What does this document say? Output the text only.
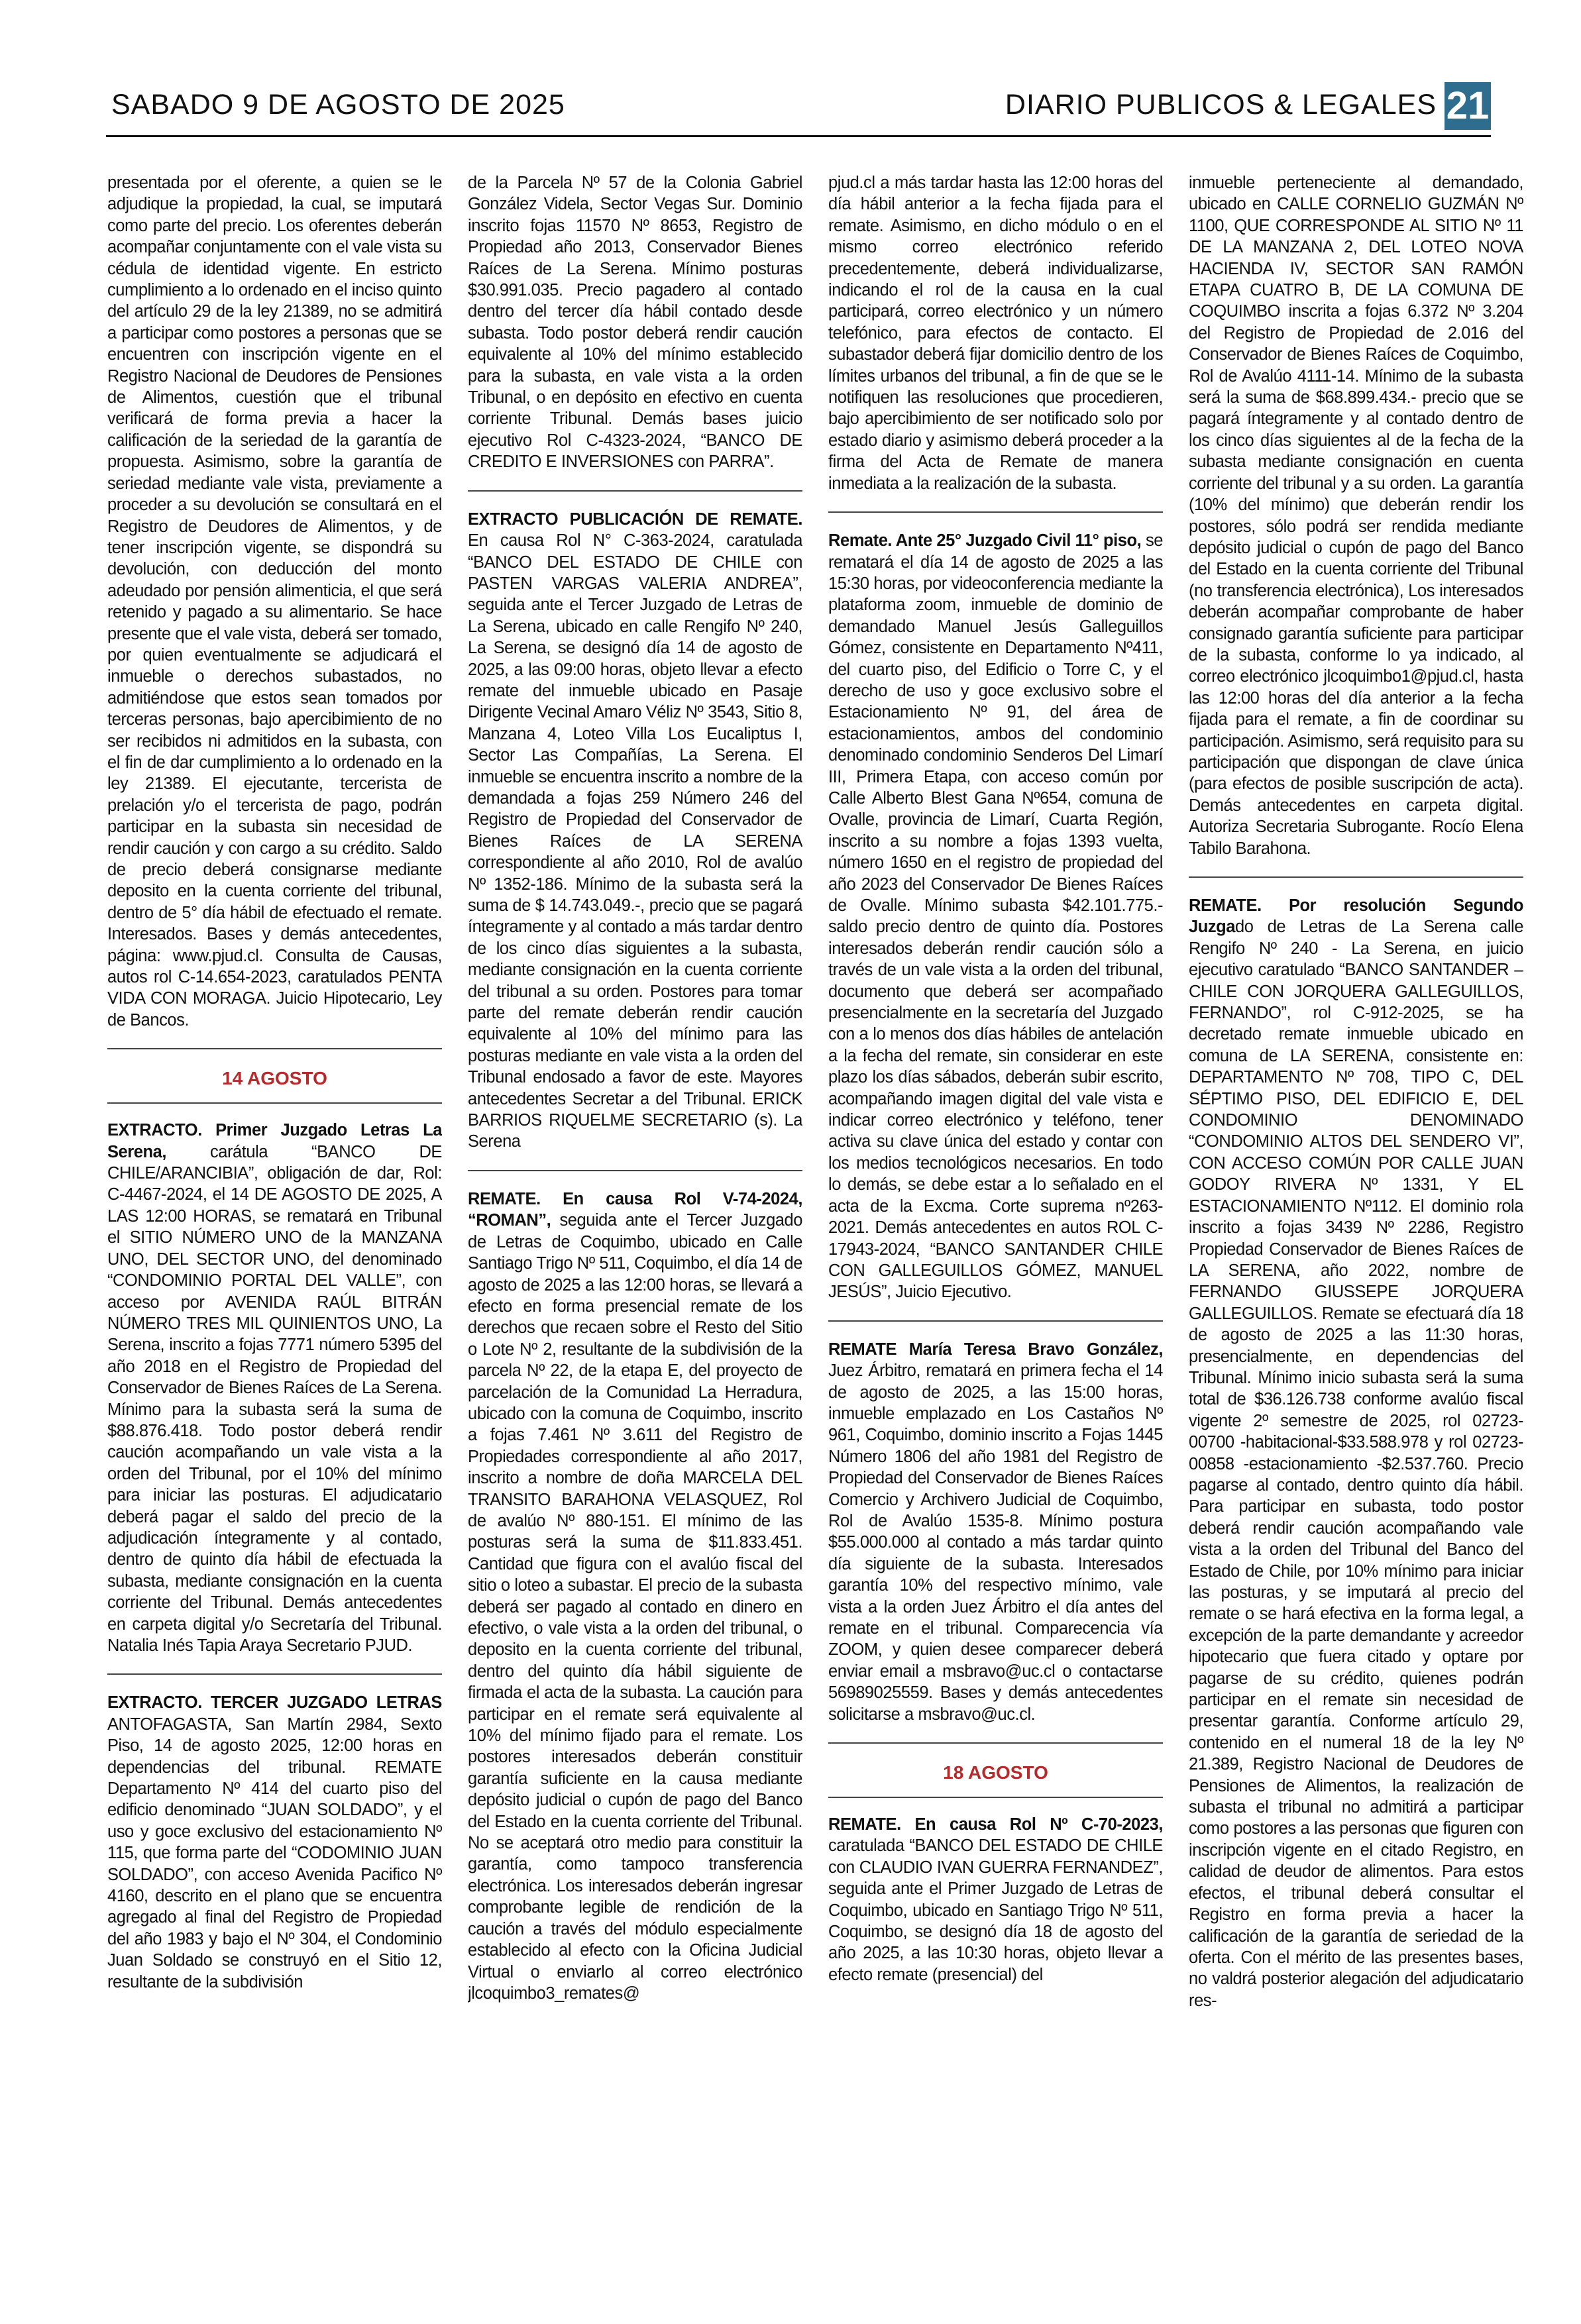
SABADO 9 DE AGOSTO DE 2025	DIARIO PUBLICOS & LEGALES 21

presentada por el oferente, a quien se le adjudique la propiedad, la cual, se imputará como parte del precio. Los oferentes deberán acompañar conjuntamente con el vale vista su cédula de identidad vigente. En estricto cumplimiento a lo ordenado en el inciso quinto del artículo 29 de la ley 21389, no se admitirá a participar como postores a personas que se encuentren con inscripción vigente en el Registro Nacional de Deudores de Pensiones de Alimentos, cuestión que el tribunal verificará de forma previa a hacer la calificación de la seriedad de la garantía de propuesta. Asimismo, sobre la garantía de seriedad mediante vale vista, previamente a proceder a su devolución se consultará en el Registro de Deudores de Alimentos, y de tener inscripción vigente, se dispondrá su devolución, con deducción del monto adeudado por pensión alimenticia, el que será retenido y pagado a su alimentario. Se hace presente que el vale vista, deberá ser tomado, por quien eventualmente se adjudicará el inmueble o derechos subastados, no admitiéndose que estos sean tomados por terceras personas, bajo apercibimiento de no ser recibidos ni admitidos en la subasta, con el fin de dar cumplimiento a lo ordenado en la ley 21389. El ejecutante, tercerista de prelación y/o el tercerista de pago, podrán participar en la subasta sin necesidad de rendir caución y con cargo a su crédito. Saldo de precio deberá consignarse mediante deposito en la cuenta corriente del tribunal, dentro de 5° día hábil de efectuado el remate. Interesados. Bases y demás antecedentes, página: www.pjud.cl. Consulta de Causas, autos rol C-14.654-2023, caratulados PENTA VIDA CON MORAGA. Juicio Hipotecario, Ley de Bancos.

14 AGOSTO

EXTRACTO. Primer Juzgado Letras La Serena, carátula “BANCO DE CHILE/ARANCIBIA”, obligación de dar, Rol: C-4467-2024, el 14 DE AGOSTO DE 2025, A LAS 12:00 HORAS, se rematará en Tribunal el SITIO NÚMERO UNO de la MANZANA UNO, DEL SECTOR UNO, del denominado “CONDOMINIO PORTAL DEL VALLE”, con acceso por AVENIDA RAÚL BITRÁN NÚMERO TRES MIL QUINIENTOS UNO, La Serena, inscrito a fojas 7771 número 5395 del año 2018 en el Registro de Propiedad del Conservador de Bienes Raíces de La Serena. Mínimo para la subasta será la suma de $88.876.418. Todo postor deberá rendir caución acompañando un vale vista a la orden del Tribunal, por el 10% del mínimo para iniciar las posturas. El adjudicatario deberá pagar el saldo del precio de la adjudicación íntegramente y al contado, dentro de quinto día hábil de efectuada la subasta, mediante consignación en la cuenta corriente del Tribunal. Demás antecedentes en carpeta digital y/o Secretaría del Tribunal. Natalia Inés Tapia Araya Secretario PJUD.

EXTRACTO. TERCER JUZGADO LETRAS ANTOFAGASTA, San Martín 2984, Sexto Piso, 14 de agosto 2025, 12:00 horas en dependencias del tribunal. REMATE Departamento Nº 414 del cuarto piso del edificio denominado “JUAN SOLDADO”, y el uso y goce exclusivo del estacionamiento Nº 115, que forma parte del “CODOMINIO JUAN SOLDADO”, con acceso Avenida Pacifico Nº 4160, descrito en el plano que se encuentra agregado al final del Registro de Propiedad del año 1983 y bajo el Nº 304, el Condominio Juan Soldado se construyó en el Sitio 12, resultante de la subdivisión

de la Parcela Nº 57 de la Colonia Gabriel González Videla, Sector Vegas Sur. Dominio inscrito fojas 11570 Nº 8653, Registro de Propiedad año 2013, Conservador Bienes Raíces de La Serena. Mínimo posturas $30.991.035. Precio pagadero al contado dentro del tercer día hábil contado desde subasta. Todo postor deberá rendir caución equivalente al 10% del mínimo establecido para la subasta, en vale vista a la orden Tribunal, o en depósito en efectivo en cuenta corriente Tribunal. Demás bases juicio ejecutivo Rol C-4323-2024, “BANCO DE CREDITO E INVERSIONES con PARRA”.

EXTRACTO PUBLICACIÓN DE REMATE. En causa Rol N° C-363-2024, caratulada “BANCO DEL ESTADO DE CHILE con PASTEN VARGAS VALERIA ANDREA”, seguida ante el Tercer Juzgado de Letras de La Serena, ubicado en calle Rengifo Nº 240, La Serena, se designó día 14 de agosto de 2025, a las 09:00 horas, objeto llevar a efecto remate del inmueble ubicado en Pasaje Dirigente Vecinal Amaro Véliz Nº 3543, Sitio 8, Manzana 4, Loteo Villa Los Eucaliptus I, Sector Las Compañías, La Serena. El inmueble se encuentra inscrito a nombre de la demandada a fojas 259 Número 246 del Registro de Propiedad del Conservador de Bienes Raíces de LA SERENA correspondiente al año 2010, Rol de avalúo Nº 1352-186. Mínimo de la subasta será la suma de $ 14.743.049.-, precio que se pagará íntegramente y al contado a más tardar dentro de los cinco días siguientes a la subasta, mediante consignación en la cuenta corriente del tribunal a su orden. Postores para tomar parte del remate deberán rendir caución equivalente al 10% del mínimo para las posturas mediante en vale vista a la orden del Tribunal endosado a favor de este. Mayores antecedentes Secretar a del Tribunal. ERICK BARRIOS RIQUELME SECRETARIO (s). La Serena

REMATE. En causa Rol V-74-2024, “ROMAN”, seguida ante el Tercer Juzgado de Letras de Coquimbo, ubicado en Calle Santiago Trigo Nº 511, Coquimbo, el día 14 de agosto de 2025 a las 12:00 horas, se llevará a efecto en forma presencial remate de los derechos que recaen sobre el Resto del Sitio o Lote Nº 2, resultante de la subdivisión de la parcela Nº 22, de la etapa E, del proyecto de parcelación de la Comunidad La Herradura, ubicado con la comuna de Coquimbo, inscrito a fojas 7.461 Nº 3.611 del Registro de Propiedades correspondiente al año 2017, inscrito a nombre de doña MARCELA DEL TRANSITO BARAHONA VELASQUEZ, Rol de avalúo Nº 880-151. El mínimo de las posturas será la suma de $11.833.451. Cantidad que figura con el avalúo fiscal del sitio o loteo a subastar. El precio de la subasta deberá ser pagado al contado en dinero en efectivo, o vale vista a la orden del tribunal, o deposito en la cuenta corriente del tribunal, dentro del quinto día hábil siguiente de firmada el acta de la subasta. La caución para participar en el remate será equivalente al 10% del mínimo fijado para el remate. Los postores interesados deberán constituir garantía suficiente en la causa mediante depósito judicial o cupón de pago del Banco del Estado en la cuenta corriente del Tribunal. No se aceptará otro medio para constituir la garantía, como tampoco transferencia electrónica. Los interesados deberán ingresar comprobante legible de rendición de la caución a través del módulo especialmente establecido al efecto con la Oficina Judicial Virtual o enviarlo al correo electrónico jlcoquimbo3_remates@

pjud.cl a más tardar hasta las 12:00 horas del día hábil anterior a la fecha fijada para el remate. Asimismo, en dicho módulo o en el mismo correo electrónico referido precedentemente, deberá individualizarse, indicando el rol de la causa en la cual participará, correo electrónico y un número telefónico, para efectos de contacto. El subastador deberá fijar domicilio dentro de los límites urbanos del tribunal, a fin de que se le notifiquen las resoluciones que procedieren, bajo apercibimiento de ser notificado solo por estado diario y asimismo deberá proceder a la firma del Acta de Remate de manera inmediata a la realización de la subasta.

Remate. Ante 25° Juzgado Civil 11° piso, se rematará el día 14 de agosto de 2025 a las 15:30 horas, por videoconferencia mediante la plataforma zoom, inmueble de dominio de demandado Manuel Jesús Galleguillos Gómez, consistente en Departamento Nº411, del cuarto piso, del Edificio o Torre C, y el derecho de uso y goce exclusivo sobre el Estacionamiento Nº 91, del área de estacionamientos, ambos del condominio denominado condominio Senderos Del Limarí III, Primera Etapa, con acceso común por Calle Alberto Blest Gana Nº654, comuna de Ovalle, provincia de Limarí, Cuarta Región, inscrito a su nombre a fojas 1393 vuelta, número 1650 en el registro de propiedad del año 2023 del Conservador De Bienes Raíces de Ovalle. Mínimo subasta $42.101.775.- saldo precio dentro de quinto día. Postores interesados deberán rendir caución sólo a través de un vale vista a la orden del tribunal, documento que deberá ser acompañado presencialmente en la secretaría del Juzgado con a lo menos dos días hábiles de antelación a la fecha del remate, sin considerar en este plazo los días sábados, deberán subir escrito, acompañando imagen digital del vale vista e indicar correo electrónico y teléfono, tener activa su clave única del estado y contar con los medios tecnológicos necesarios. En todo lo demás, se debe estar a lo señalado en el acta de la Excma. Corte suprema nº263- 2021. Demás antecedentes en autos ROL C- 17943-2024, “BANCO SANTANDER CHILE CON GALLEGUILLOS GÓMEZ, MANUEL JESÚS”, Juicio Ejecutivo.

REMATE María Teresa Bravo González, Juez Árbitro, rematará en primera fecha el 14 de agosto de 2025, a las 15:00 horas, inmueble emplazado en Los Castaños Nº 961, Coquimbo, dominio inscrito a Fojas 1445 Número 1806 del año 1981 del Registro de Propiedad del Conservador de Bienes Raíces Comercio y Archivero Judicial de Coquimbo, Rol de Avalúo 1535-8. Mínimo postura $55.000.000 al contado a más tardar quinto día siguiente de la subasta. Interesados garantía 10% del respectivo mínimo, vale vista a la orden Juez Árbitro el día antes del remate en el tribunal. Comparecencia vía ZOOM, y quien desee comparecer deberá enviar email a msbravo@uc.cl o contactarse 56989025559. Bases y demás antecedentes solicitarse a msbravo@uc.cl.

18 AGOSTO

REMATE. En causa Rol Nº C-70-2023, caratulada “BANCO DEL ESTADO DE CHILE con CLAUDIO IVAN GUERRA FERNANDEZ”, seguida ante el Primer Juzgado de Letras de Coquimbo, ubicado en Santiago Trigo Nº 511, Coquimbo, se designó día 18 de agosto del año 2025, a las 10:30 horas, objeto llevar a efecto remate (presencial) del

inmueble perteneciente al demandado, ubicado en CALLE CORNELIO GUZMÁN Nº 1100, QUE CORRESPONDE AL SITIO Nº 11 DE LA MANZANA 2, DEL LOTEO NOVA HACIENDA IV, SECTOR SAN RAMÓN ETAPA CUATRO B, DE LA COMUNA DE COQUIMBO inscrita a fojas 6.372 Nº 3.204 del Registro de Propiedad de 2.016 del Conservador de Bienes Raíces de Coquimbo, Rol de Avalúo 4111-14. Mínimo de la subasta será la suma de $68.899.434.- precio que se pagará íntegramente y al contado dentro de los cinco días siguientes al de la fecha de la subasta mediante consignación en cuenta corriente del tribunal y a su orden. La garantía (10% del mínimo) que deberán rendir los postores, sólo podrá ser rendida mediante depósito judicial o cupón de pago del Banco del Estado en la cuenta corriente del Tribunal (no transferencia electrónica), Los interesados deberán acompañar comprobante de haber consignado garantía suficiente para participar de la subasta, conforme lo ya indicado, al correo electrónico jlcoquimbo1@pjud.cl, hasta las 12:00 horas del día anterior a la fecha fijada para el remate, a fin de coordinar su participación. Asimismo, será requisito para su participación que dispongan de clave única (para efectos de posible suscripción de acta). Demás antecedentes en carpeta digital. Autoriza Secretaria Subrogante. Rocío Elena Tabilo Barahona.

REMATE. Por resolución Segundo Juzgado de Letras de La Serena calle Rengifo Nº 240 - La Serena, en juicio ejecutivo caratulado “BANCO SANTANDER – CHILE CON JORQUERA GALLEGUILLOS, FERNANDO”, rol C-912-2025, se ha decretado remate inmueble ubicado en comuna de LA SERENA, consistente en: DEPARTAMENTO Nº 708, TIPO C, DEL SÉPTIMO PISO, DEL EDIFICIO E, DEL CONDOMINIO DENOMINADO “CONDOMINIO ALTOS DEL SENDERO VI”, CON ACCESO COMÚN POR CALLE JUAN GODOY RIVERA Nº 1331, Y EL ESTACIONAMIENTO Nº112. El dominio rola inscrito a fojas 3439 Nº 2286, Registro Propiedad Conservador de Bienes Raíces de LA SERENA, año 2022, nombre de FERNANDO GIUSSEPE JORQUERA GALLEGUILLOS. Remate se efectuará día 18 de agosto de 2025 a las 11:30 horas, presencialmente, en dependencias del Tribunal. Mínimo inicio subasta será la suma total de $36.126.738 conforme avalúo fiscal vigente 2º semestre de 2025, rol 02723- 00700 -habitacional-$33.588.978 y rol 02723-00858 -estacionamiento -$2.537.760. Precio pagarse al contado, dentro quinto día hábil. Para participar en subasta, todo postor deberá rendir caución acompañando vale vista a la orden del Tribunal del Banco del Estado de Chile, por 10% mínimo para iniciar las posturas, y se imputará al precio del remate o se hará efectiva en la forma legal, a excepción de la parte demandante y acreedor hipotecario que fuera citado y optare por pagarse de su crédito, quienes podrán participar en el remate sin necesidad de presentar garantía. Conforme artículo 29, contenido en el numeral 18 de la ley Nº 21.389, Registro Nacional de Deudores de Pensiones de Alimentos, la realización de subasta el tribunal no admitirá a participar como postores a las personas que figuren con inscripción vigente en el citado Registro, en calidad de deudor de alimentos. Para estos efectos, el tribunal deberá consultar el Registro en forma previa a hacer la calificación de la garantía de seriedad de la oferta. Con el mérito de las presentes bases, no valdrá posterior alegación del adjudicatario res-
